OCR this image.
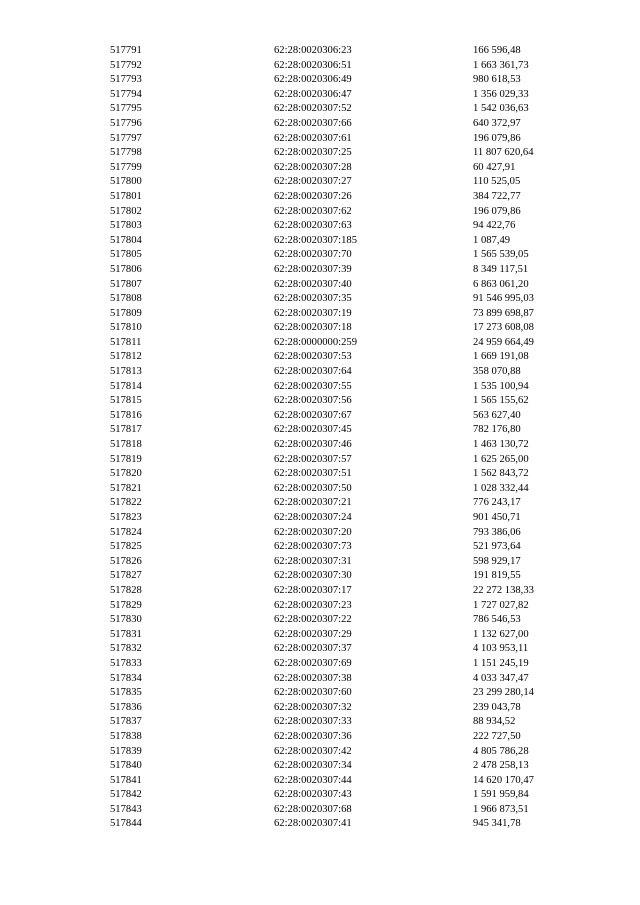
517791	62:28:0020306:23	166 596,48
517792	62:28:0020306:51	1 663 361,73
517793	62:28:0020306:49	980 618,53
517794	62:28:0020306:47	1 356 029,33
517795	62:28:0020307:52	1 542 036,63
517796	62:28:0020307:66	640 372,97
517797	62:28:0020307:61	196 079,86
517798	62:28:0020307:25	11 807 620,64
517799	62:28:0020307:28	60 427,91
517800	62:28:0020307:27	110 525,05
517801	62:28:0020307:26	384 722,77
517802	62:28:0020307:62	196 079,86
517803	62:28:0020307:63	94 422,76
517804	62:28:0020307:185	1 087,49
517805	62:28:0020307:70	1 565 539,05
517806	62:28:0020307:39	8 349 117,51
517807	62:28:0020307:40	6 863 061,20
517808	62:28:0020307:35	91 546 995,03
517809	62:28:0020307:19	73 899 698,87
517810	62:28:0020307:18	17 273 608,08
517811	62:28:0000000:259	24 959 664,49
517812	62:28:0020307:53	1 669 191,08
517813	62:28:0020307:64	358 070,88
517814	62:28:0020307:55	1 535 100,94
517815	62:28:0020307:56	1 565 155,62
517816	62:28:0020307:67	563 627,40
517817	62:28:0020307:45	782 176,80
517818	62:28:0020307:46	1 463 130,72
517819	62:28:0020307:57	1 625 265,00
517820	62:28:0020307:51	1 562 843,72
517821	62:28:0020307:50	1 028 332,44
517822	62:28:0020307:21	776 243,17
517823	62:28:0020307:24	901 450,71
517824	62:28:0020307:20	793 386,06
517825	62:28:0020307:73	521 973,64
517826	62:28:0020307:31	598 929,17
517827	62:28:0020307:30	191 819,55
517828	62:28:0020307:17	22 272 138,33
517829	62:28:0020307:23	1 727 027,82
517830	62:28:0020307:22	786 546,53
517831	62:28:0020307:29	1 132 627,00
517832	62:28:0020307:37	4 103 953,11
517833	62:28:0020307:69	1 151 245,19
517834	62:28:0020307:38	4 033 347,47
517835	62:28:0020307:60	23 299 280,14
517836	62:28:0020307:32	239 043,78
517837	62:28:0020307:33	88 934,52
517838	62:28:0020307:36	222 727,50
517839	62:28:0020307:42	4 805 786,28
517840	62:28:0020307:34	2 478 258,13
517841	62:28:0020307:44	14 620 170,47
517842	62:28:0020307:43	1 591 959,84
517843	62:28:0020307:68	1 966 873,51
517844	62:28:0020307:41	945 341,78
